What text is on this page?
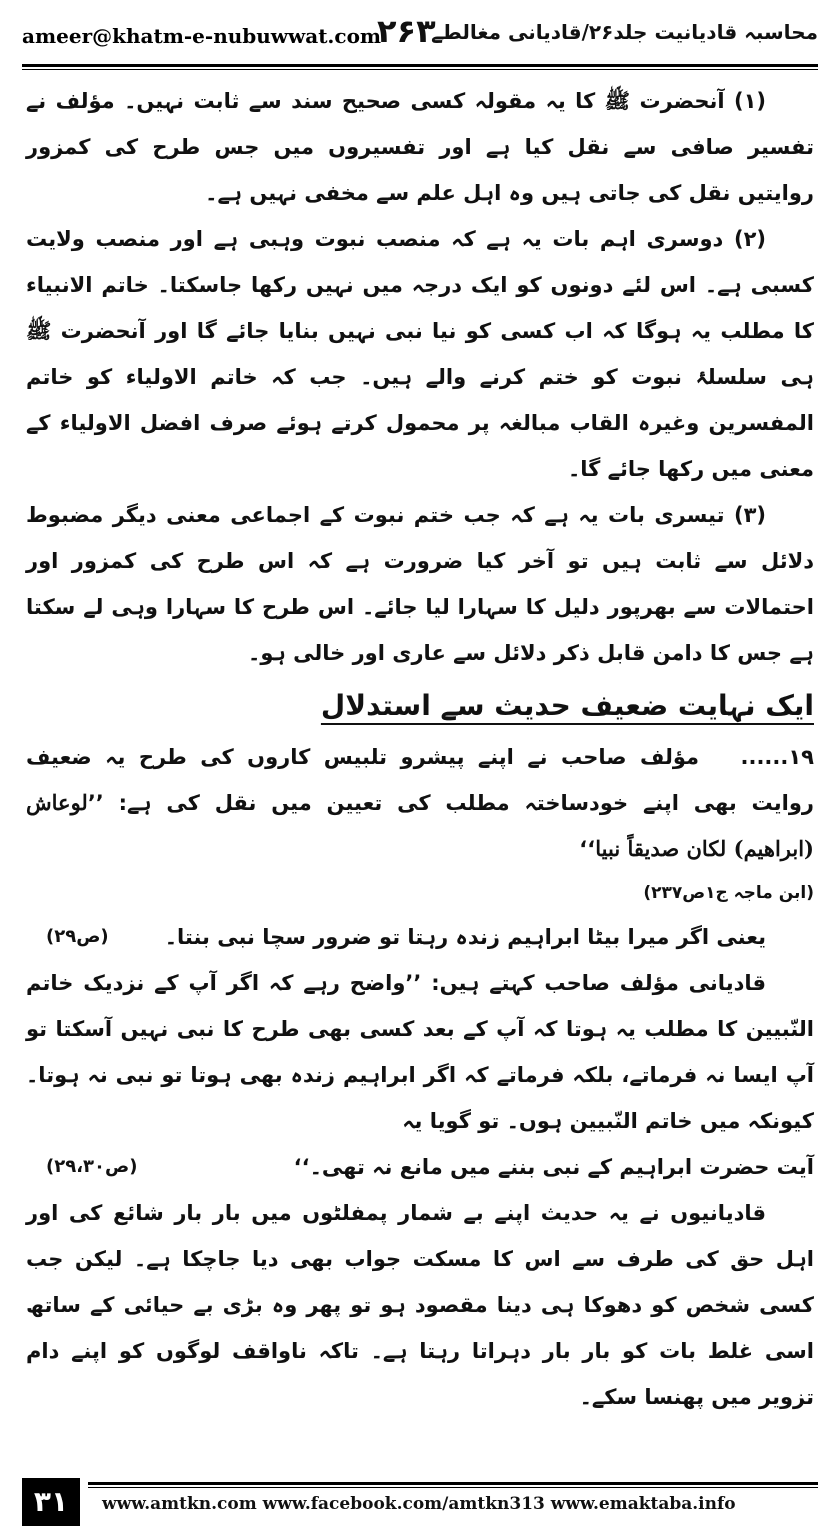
ameer@khatm-e-nubuwwat.com
۲۶۳
محاسبہ قادیانیت جلد۲۶/قادیانی مغالطے

(۱) آنحضرت ﷺ کا یہ مقولہ کسی صحیح سند سے ثابت نہیں۔ مؤلف نے تفسیر صافی سے نقل کیا ہے اور تفسیروں میں جس طرح کی کمزور روایتیں نقل کی جاتی ہیں وہ اہل علم سے مخفی نہیں ہے۔

(۲) دوسری اہم بات یہ ہے کہ منصب نبوت وہبی ہے اور منصب ولایت کسبی ہے۔ اس لئے دونوں کو ایک درجہ میں نہیں رکھا جاسکتا۔ خاتم الانبیاء کا مطلب یہ ہوگا کہ اب کسی کو نیا نبی نہیں بنایا جائے گا اور آنحضرت ﷺ ہی سلسلۂ نبوت کو ختم کرنے والے ہیں۔ جب کہ خاتم الاولیاء کو خاتم المفسرین وغیرہ القاب مبالغہ پر محمول کرتے ہوئے صرف افضل الاولیاء کے معنی میں رکھا جائے گا۔

(۳) تیسری بات یہ ہے کہ جب ختم نبوت کے اجماعی معنی دیگر مضبوط دلائل سے ثابت ہیں تو آخر کیا ضرورت ہے کہ اس طرح کی کمزور اور احتمالات سے بھرپور دلیل کا سہارا لیا جائے۔ اس طرح کا سہارا وہی لے سکتا ہے جس کا دامن قابل ذکر دلائل سے عاری اور خالی ہو۔

ایک نہایت ضعیف حدیث سے استدلال

۱۹...... مؤلف صاحب نے اپنے پیشرو تلبیس کاروں کی طرح یہ ضعیف روایت بھی اپنے خودساختہ مطلب کی تعیین میں نقل کی ہے: ’’لوعاش (ابراھیم) لکان صدیقاً نبیا‘‘

(ابن ماجہ ج۱ص۲۳۷)

یعنی اگر میرا بیٹا ابراہیم زندہ رہتا تو ضرور سچا نبی بنتا۔
(ص۲۹)

قادیانی مؤلف صاحب کہتے ہیں: ’’واضح رہے کہ اگر آپ کے نزدیک خاتم النّبیین کا مطلب یہ ہوتا کہ آپ کے بعد کسی بھی طرح کا نبی نہیں آسکتا تو آپ ایسا نہ فرماتے، بلکہ فرماتے کہ اگر ابراہیم زندہ بھی ہوتا تو نبی نہ ہوتا۔ کیونکہ میں خاتم النّبیین ہوں۔ تو گویا یہ

آیت حضرت ابراہیم کے نبی بننے میں مانع نہ تھی۔‘‘
(ص۲۹،۳۰)

قادیانیوں نے یہ حدیث اپنے بے شمار پمفلٹوں میں بار بار شائع کی اور اہل حق کی طرف سے اس کا مسکت جواب بھی دیا جاچکا ہے۔ لیکن جب کسی شخص کو دھوکا ہی دینا مقصود ہو تو پھر وہ بڑی بے حیائی کے ساتھ اسی غلط بات کو بار بار دہراتا رہتا ہے۔ تاکہ ناواقف لوگوں کو اپنے دام تزویر میں پھنسا سکے۔

۳۱	www.amtkn.com www.facebook.com/amtkn313 www.emaktaba.info
